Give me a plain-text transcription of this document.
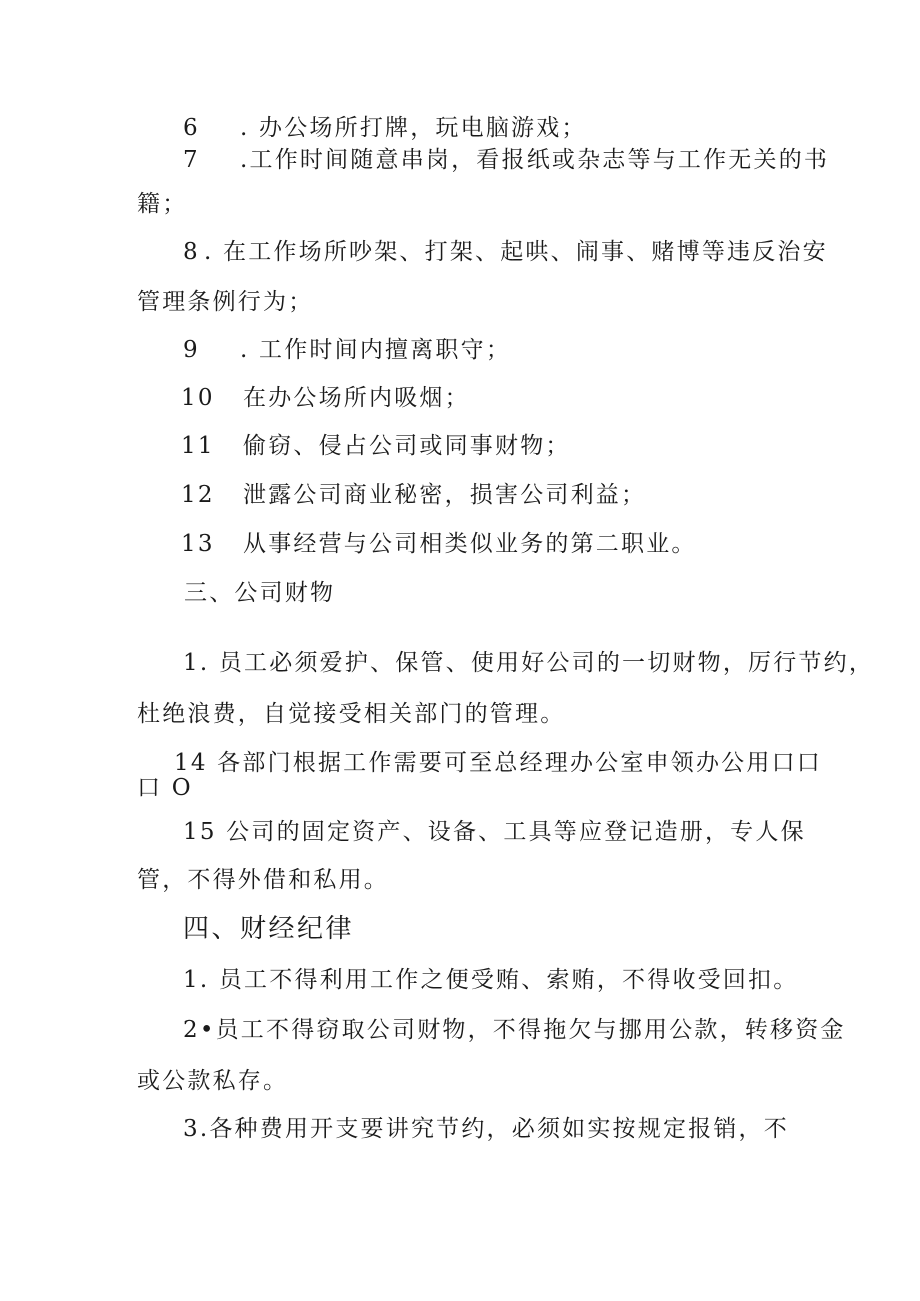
6 . 办公场所打牌，玩电脑游戏；
7 .工作时间随意串岗，看报纸或杂志等与工作无关的书
籍；
8 . 在工作场所吵架、打架、起哄、闹事、赌博等违反治安
管理条例行为；
9 . 工作时间内擅离职守；
10 在办公场所内吸烟；
11 偷窃、侵占公司或同事财物；
12 泄露公司商业秘密，损害公司利益；
13 从事经营与公司相类似业务的第二职业。
三、公司财物
1. 员工必须爱护、保管、使用好公司的一切财物，厉行节约，
杜绝浪费，自觉接受相关部门的管理。
14 各部门根据工作需要可至总经理办公室申领办公用口口
口 O
15 公司的固定资产、设备、工具等应登记造册，专人保
管，不得外借和私用。
四、财经纪律
1. 员工不得利用工作之便受贿、索贿，不得收受回扣。
2•员工不得窃取公司财物，不得拖欠与挪用公款，转移资金
或公款私存。
3.各种费用开支要讲究节约，必须如实按规定报销，不
